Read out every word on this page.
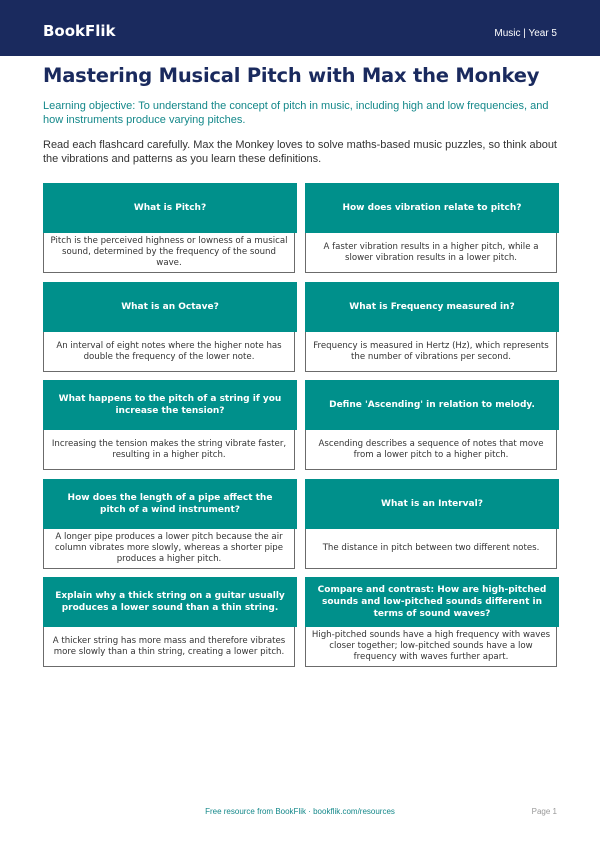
BookFlik	Music | Year 5
Mastering Musical Pitch with Max the Monkey
Learning objective: To understand the concept of pitch in music, including high and low frequencies, and how instruments produce varying pitches.
Read each flashcard carefully. Max the Monkey loves to solve maths-based music puzzles, so think about the vibrations and patterns as you learn these definitions.
What is Pitch?
Pitch is the perceived highness or lowness of a musical sound, determined by the frequency of the sound wave.
How does vibration relate to pitch?
A faster vibration results in a higher pitch, while a slower vibration results in a lower pitch.
What is an Octave?
An interval of eight notes where the higher note has double the frequency of the lower note.
What is Frequency measured in?
Frequency is measured in Hertz (Hz), which represents the number of vibrations per second.
What happens to the pitch of a string if you increase the tension?
Increasing the tension makes the string vibrate faster, resulting in a higher pitch.
Define 'Ascending' in relation to melody.
Ascending describes a sequence of notes that move from a lower pitch to a higher pitch.
How does the length of a pipe affect the pitch of a wind instrument?
A longer pipe produces a lower pitch because the air column vibrates more slowly, whereas a shorter pipe produces a higher pitch.
What is an Interval?
The distance in pitch between two different notes.
Explain why a thick string on a guitar usually produces a lower sound than a thin string.
A thicker string has more mass and therefore vibrates more slowly than a thin string, creating a lower pitch.
Compare and contrast: How are high-pitched sounds and low-pitched sounds different in terms of sound waves?
High-pitched sounds have a high frequency with waves closer together; low-pitched sounds have a low frequency with waves further apart.
Free resource from BookFlik · bookflik.com/resources	Page 1
